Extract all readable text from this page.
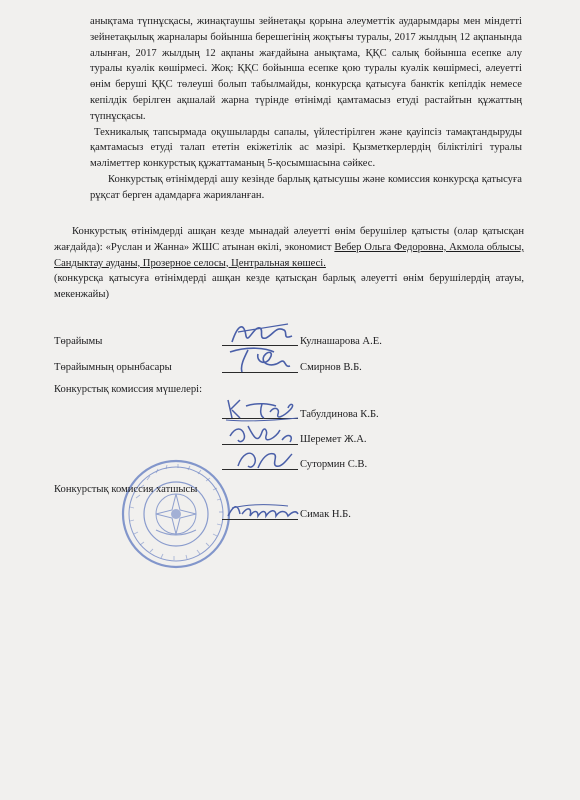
анықтама түпнұсқасы, жинақтаушы зейнетақы қорына әлеуметтік аударымдары мен міндетті зейнетақылық жарналары бойынша берешегінің жоқтығы туралы, 2017 жылдың 12 ақпанында алынған, 2017 жылдың 12 ақпаны жағдайына анықтама, ҚҚС салық бойынша есепке алу туралы куәлік көшірмесі. Жоқ: ҚҚС бойынша есепке қою туралы куәлік көшірмесі, әлеуетті өнім беруші ҚҚС төлеуші болып табылмайды, конкурсқа қатысуға банктік кепілдік немесе кепілдік берілген ақшалай жарна түрінде өтінімді қамтамасыз етуді растайтын құжаттың түпнұсқасы.

Техникалық тапсырмада оқушыларды сапалы, үйлестірілген және қауіпсіз тамақтандыруды қамтамасыз етуді талап ететін екіжетілік ас мәзірі. Қызметкерлердің біліктілігі туралы мәліметтер конкурстық құжаттаманың 5-қосымшасына сәйкес.

Конкурстық өтінімдерді ашу кезінде барлық қатысушы және комиссия конкурсқа қатысуға рұқсат берген адамдарға жарияланған.

Конкурстық өтінімдерді ашқан кезде мынадай әлеуетті өнім берушілер қатысты (олар қатысқан жағдайда): «Руслан и Жанна» ЖШС атынан өкілі, экономист Вебер Ольга Федоровна, Акмола облысы, Сандыктау ауданы, Прозерное селосы, Центральная көшесі.

(конкурсқа қатысуға өтінімдерді ашқан кезде қатысқан барлық әлеуетті өнім берушілердің атауы, мекенжайы)
Төрайымы	Кулнашарова А.Е.
Төрайымның орынбасары	Смирнов В.Б.
Конкурстық комиссия мүшелері:
Табулдинова К.Б.
Шеремет Ж.А.
Сутормин С.В.
Конкурстық комиссия хатшысы
Симак Н.Б.
